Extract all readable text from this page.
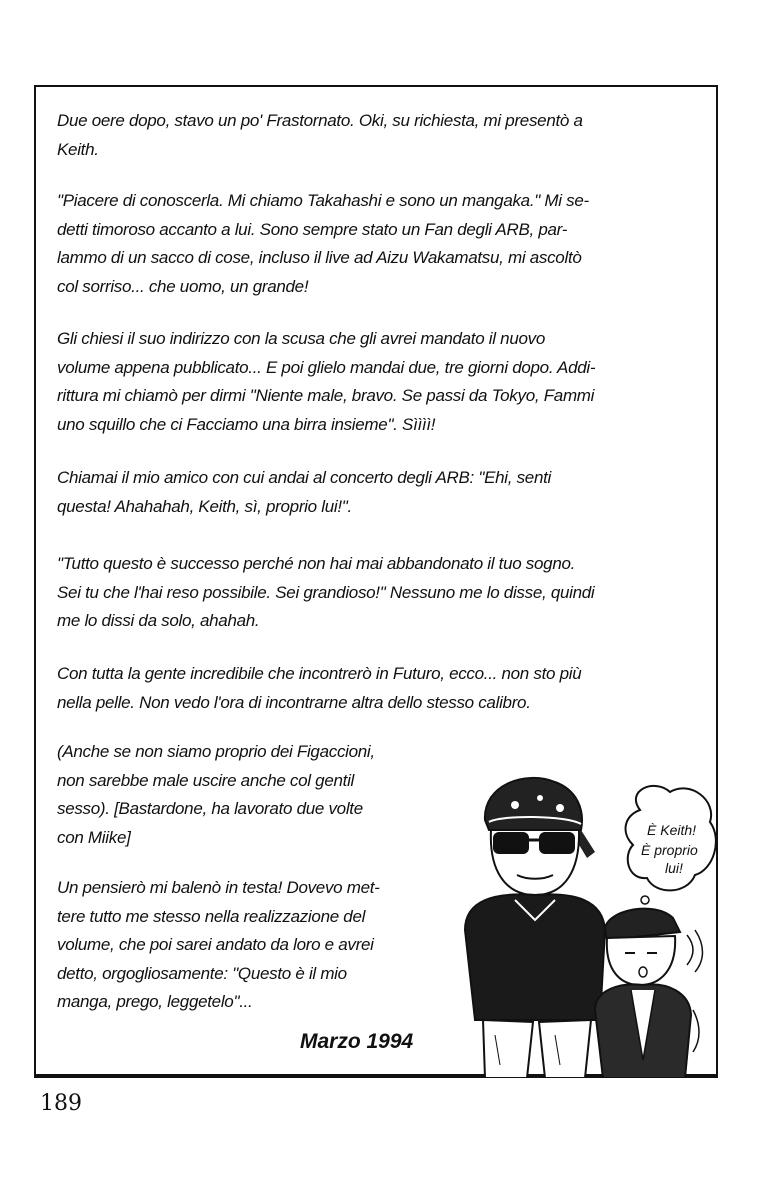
Due oere dopo, stavo un po' Frastornato. Oki, su richiesta, mi presentò a
Keith.

"Piacere di conoscerla. Mi chiamo Takahashi e sono un mangaka." Mi se-
detti timoroso accanto a lui. Sono sempre stato un Fan degli ARB, par-
lammo di un sacco di cose, incluso il live ad Aizu Wakamatsu, mi ascoltò
col sorriso... che uomo, un grande!

Gli chiesi il suo indirizzo con la scusa che gli avrei mandato il nuovo
volume appena pubblicato... E poi glielo mandai due, tre giorni dopo. Addi-
rittura mi chiamò per dirmi "Niente male, bravo. Se passi da Tokyo, Fammi
uno squillo che ci Facciamo una birra insieme". Sìììì!

Chiamai il mio amico con cui andai al concerto degli ARB: "Ehi, senti
questa! Ahahahah, Keith, sì, proprio lui!".

"Tutto questo è successo perché non hai mai abbandonato il tuo sogno.
Sei tu che l'hai reso possibile. Sei grandioso!" Nessuno me lo disse, quindi
me lo dissi da solo, ahahah.

Con tutta la gente incredibile che incontrerò in Futuro, ecco... non sto più
nella pelle. Non vedo l'ora di incontrarne altra dello stesso calibro.

(Anche se non siamo proprio dei Figaccioni,
non sarebbe male uscire anche col gentil
sesso). [Bastardone, ha lavorato due volte
con Miike]

Un pensierò mi balenò in testa! Dovevo met-
tere tutto me stesso nella realizzazione del
volume, che poi sarei andato da loro e avrei
detto, orgogliosamente: "Questo è il mio
manga, prego, leggetelo"...

Marzo 1994

È Keith!
È proprio
lui!

189
